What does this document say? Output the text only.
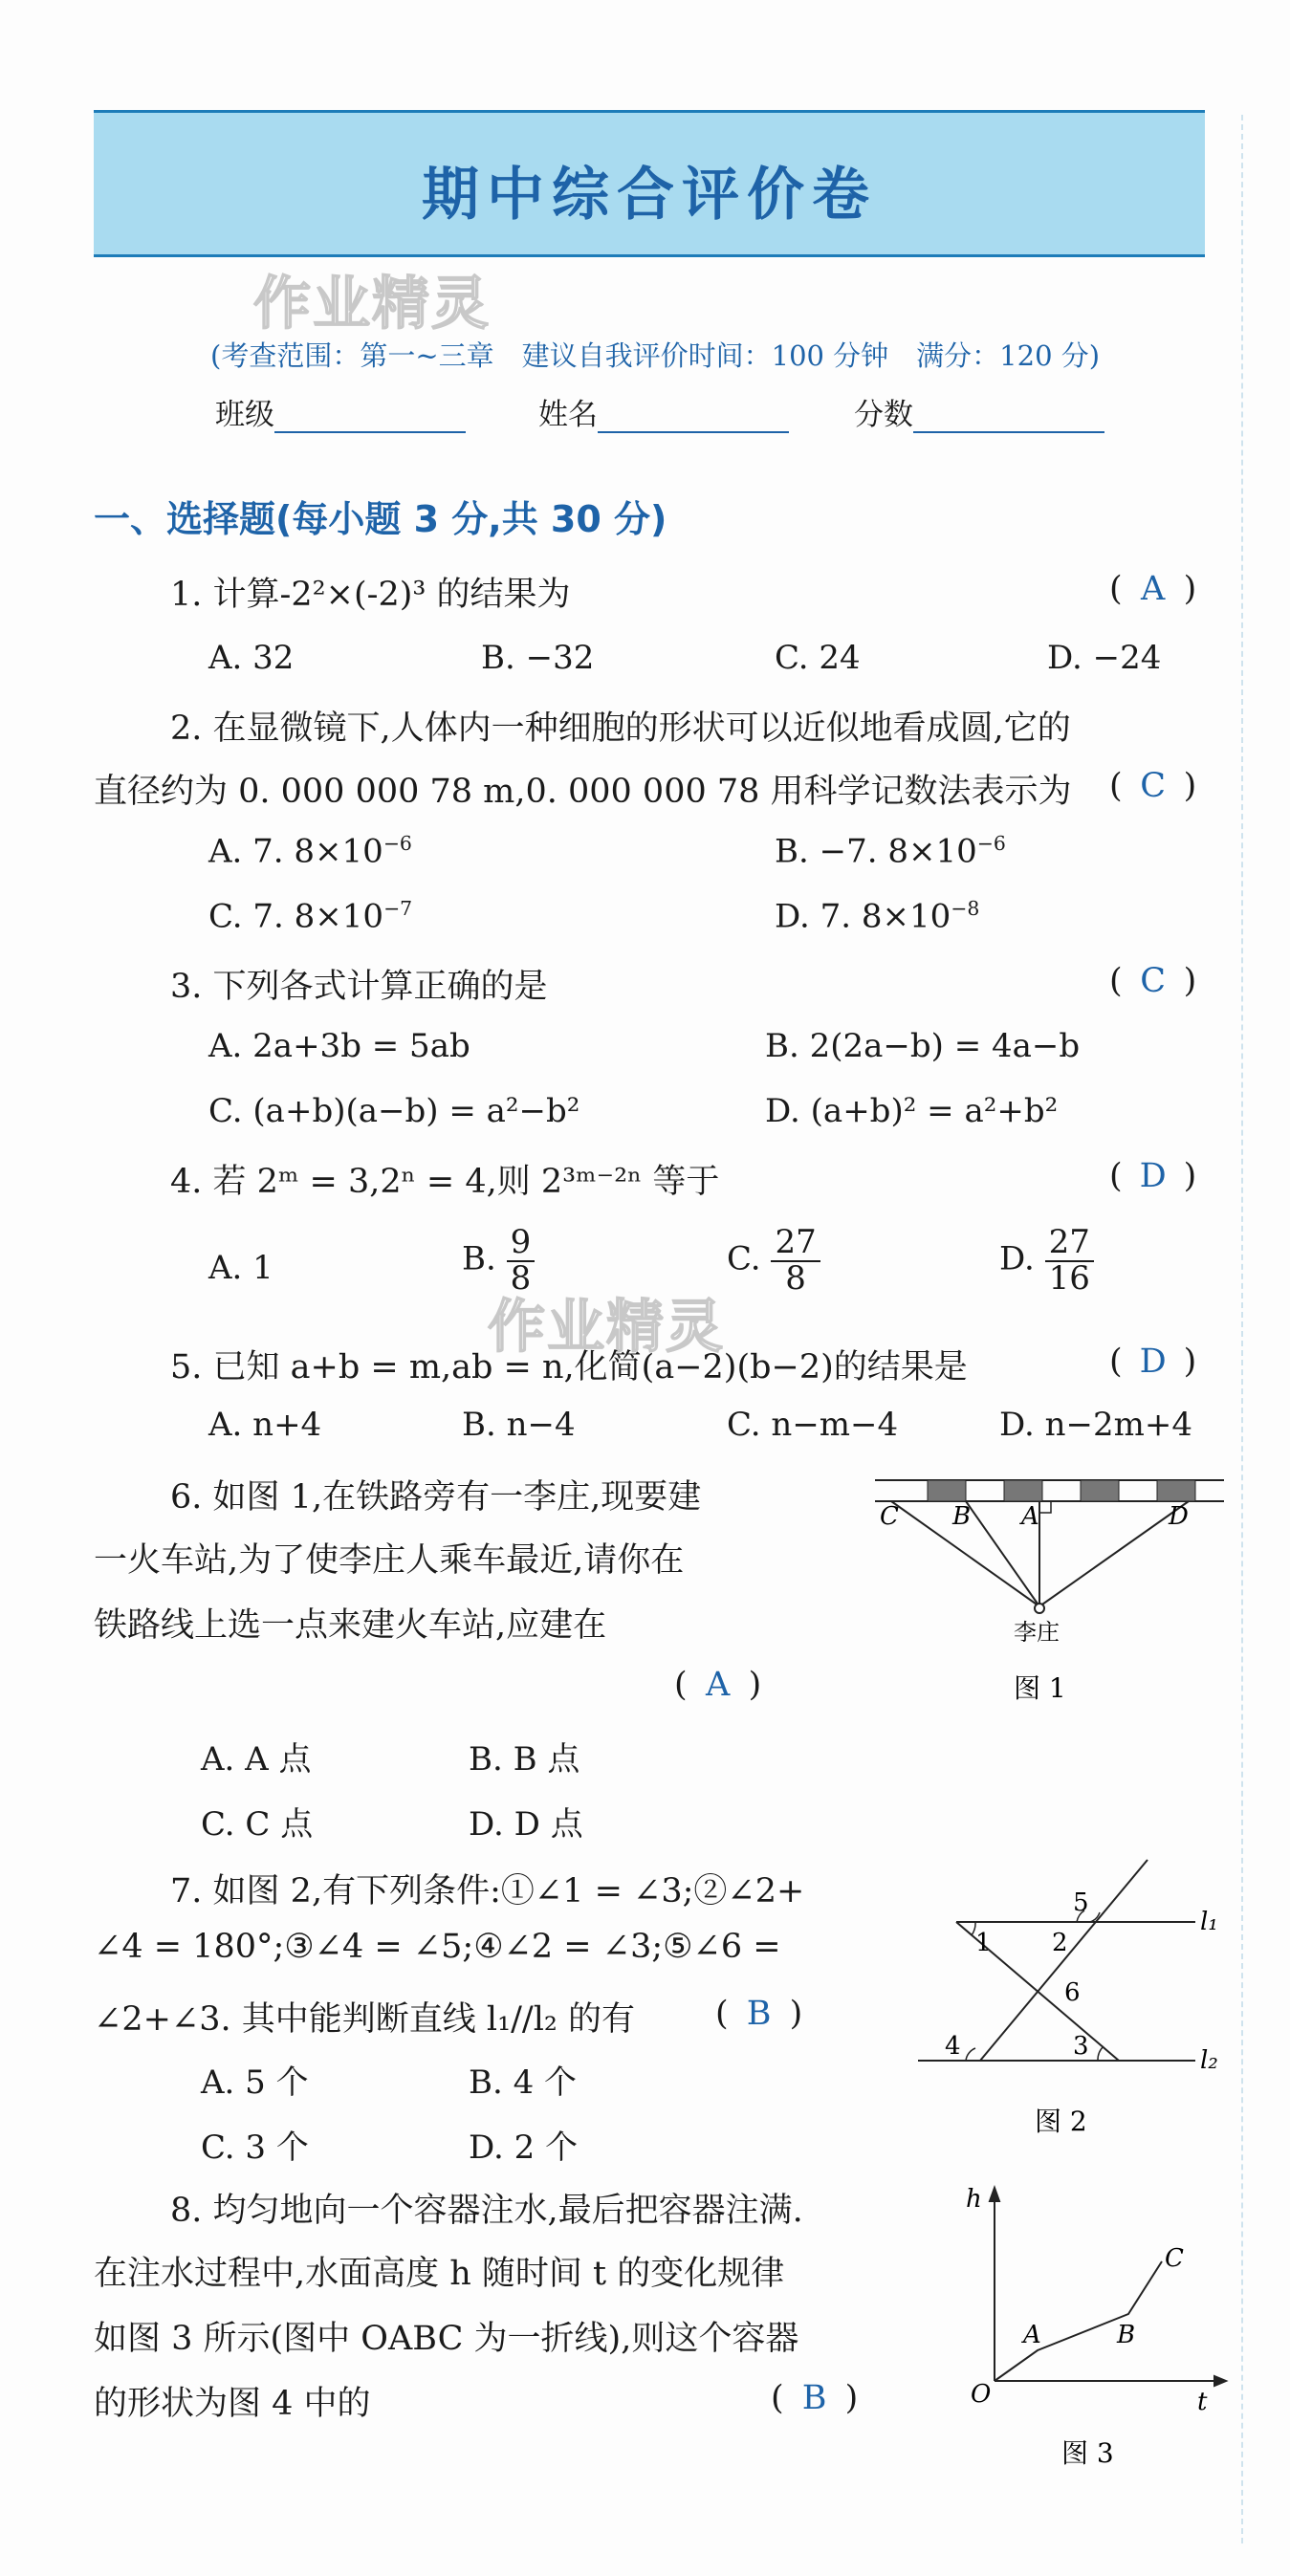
期中综合评价卷
作业精灵
作业精灵
(考查范围：第一~三章　建议自我评价时间：100 分钟　满分：120 分)
班级	姓名	分数
一、选择题(每小题 3 分,共 30 分)
1. 计算-2²×(-2)³ 的结果为	( A )
A. 32	B. −32	C. 24	D. −24
2. 在显微镜下,人体内一种细胞的形状可以近似地看成圆,它的
直径约为 0. 000 000 78 m,0. 000 000 78 用科学记数法表示为 ( C )
A. 7. $8\times 10^{-6}$	B. −7. $8\times 10^{-6}$
C. 7. $8\times 10^{-7}$	D. 7. $8\times 10^{-8}$
3. 下列各式计算正确的是	( C )
A. 2a+3b = 5ab	B. 2(2a−b) = 4a−b
C. (a+b)(a−b) = a²−b²	D. (a+b)² = a²+b²
4. 若 2ᵐ = 3,2ⁿ = 4,则 2³ᵐ⁻²ⁿ 等于	( D )
A. 1	B. $\frac{9}{8}$	C. $\frac{27}{8}$	D. $\frac{27}{16}$
5. 已知 a+b = m,ab = n,化简(a−2)(b−2)的结果是	( D )
A. n+4	B. n−4	C. n−m−4	D. n−2m+4
6. 如图 1,在铁路旁有一李庄,现要建
一火车站,为了使李庄人乘车最近,请你在
铁路线上选一点来建火车站,应建在
( A )
A. A 点	B. B 点
C. C 点	D. D 点
C B A	D
李庄
图 1
7. 如图 2,有下列条件:①∠1 = ∠3;②∠2+
∠4 = 180°;③∠4 = ∠5;④∠2 = ∠3;⑤∠6 =
∠2+∠3. 其中能判断直线 l₁//l₂ 的有 ( B )
A. 5 个	B. 4 个
C. 3 个	D. 2 个
1 2
3
4
5
6
l₁
l₂
图 2
8. 均匀地向一个容器注水,最后把容器注满.
在注水过程中,水面高度 h 随时间 t 的变化规律
如图 3 所示(图中 OABC 为一折线),则这个容器
的形状为图 4 中的	( B )
h
t
O
A	B
C
图 3
